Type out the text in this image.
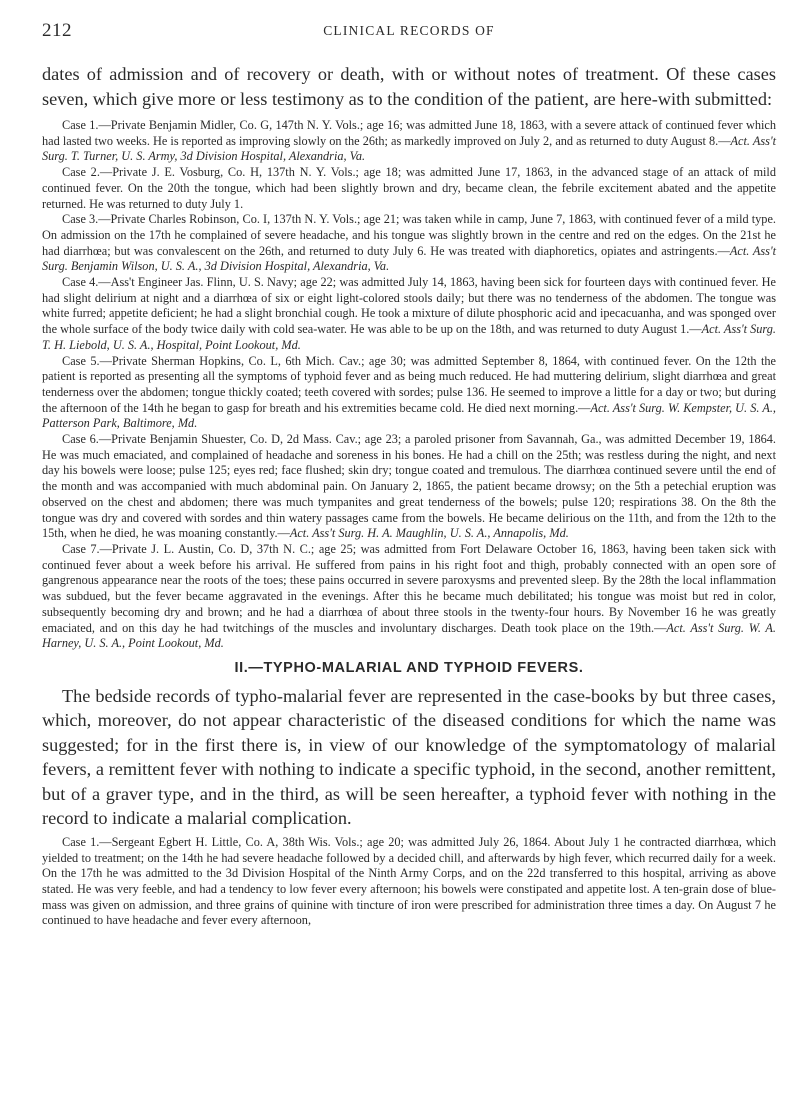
212	CLINICAL RECORDS OF

dates of admission and of recovery or death, with or without notes of treatment. Of these cases seven, which give more or less testimony as to the condition of the patient, are here-with submitted:

Case 1.—Private Benjamin Midler, Co. G, 147th N. Y. Vols.; age 16; was admitted June 18, 1863, with a severe attack of continued fever which had lasted two weeks. He is reported as improving slowly on the 26th; as markedly improved on July 2, and as returned to duty August 8.—Act. Ass't Surg. T. Turner, U. S. Army, 3d Division Hospital, Alexandria, Va.

Case 2.—Private J. E. Vosburg, Co. H, 137th N. Y. Vols.; age 18; was admitted June 17, 1863, in the advanced stage of an attack of mild continued fever. On the 20th the tongue, which had been slightly brown and dry, became clean, the febrile excitement abated and the appetite returned. He was returned to duty July 1.

Case 3.—Private Charles Robinson, Co. I, 137th N. Y. Vols.; age 21; was taken while in camp, June 7, 1863, with continued fever of a mild type. On admission on the 17th he complained of severe headache, and his tongue was slightly brown in the centre and red on the edges. On the 21st he had diarrhœa; but was convalescent on the 26th, and returned to duty July 6. He was treated with diaphoretics, opiates and astringents.—Act. Ass't Surg. Benjamin Wilson, U. S. A., 3d Division Hospital, Alexandria, Va.

Case 4.—Ass't Engineer Jas. Flinn, U. S. Navy; age 22; was admitted July 14, 1863, having been sick for fourteen days with continued fever. He had slight delirium at night and a diarrhœa of six or eight light-colored stools daily; but there was no tenderness of the abdomen. The tongue was white furred; appetite deficient; he had a slight bronchial cough. He took a mixture of dilute phosphoric acid and ipecacuanha, and was sponged over the whole surface of the body twice daily with cold sea-water. He was able to be up on the 18th, and was returned to duty August 1.—Act. Ass't Surg. T. H. Liebold, U. S. A., Hospital, Point Lookout, Md.

Case 5.—Private Sherman Hopkins, Co. L, 6th Mich. Cav.; age 30; was admitted September 8, 1864, with continued fever. On the 12th the patient is reported as presenting all the symptoms of typhoid fever and as being much reduced. He had muttering delirium, slight diarrhœa and great tenderness over the abdomen; tongue thickly coated; teeth covered with sordes; pulse 136. He seemed to improve a little for a day or two; but during the afternoon of the 14th he began to gasp for breath and his extremities became cold. He died next morning.—Act. Ass't Surg. W. Kempster, U. S. A., Patterson Park, Baltimore, Md.

Case 6.—Private Benjamin Shuester, Co. D, 2d Mass. Cav.; age 23; a paroled prisoner from Savannah, Ga., was admitted December 19, 1864. He was much emaciated, and complained of headache and soreness in his bones. He had a chill on the 25th; was restless during the night, and next day his bowels were loose; pulse 125; eyes red; face flushed; skin dry; tongue coated and tremulous. The diarrhœa continued severe until the end of the month and was accompanied with much abdominal pain. On January 2, 1865, the patient became drowsy; on the 5th a petechial eruption was observed on the chest and abdomen; there was much tympanites and great tenderness of the bowels; pulse 120; respirations 38. On the 8th the tongue was dry and covered with sordes and thin watery passages came from the bowels. He became delirious on the 11th, and from the 12th to the 15th, when he died, he was moaning constantly.—Act. Ass't Surg. H. A. Maughlin, U. S. A., Annapolis, Md.

Case 7.—Private J. L. Austin, Co. D, 37th N. C.; age 25; was admitted from Fort Delaware October 16, 1863, having been taken sick with continued fever about a week before his arrival. He suffered from pains in his right foot and thigh, probably connected with an open sore of gangrenous appearance near the roots of the toes; these pains occurred in severe paroxysms and prevented sleep. By the 28th the local inflammation was subdued, but the fever became aggravated in the evenings. After this he became much debilitated; his tongue was moist but red in color, subsequently becoming dry and brown; and he had a diarrhœa of about three stools in the twenty-four hours. By November 16 he was greatly emaciated, and on this day he had twitchings of the muscles and involuntary discharges. Death took place on the 19th.—Act. Ass't Surg. W. A. Harney, U. S. A., Point Lookout, Md.

II.—TYPHO-MALARIAL AND TYPHOID FEVERS.

The bedside records of typho-malarial fever are represented in the case-books by but three cases, which, moreover, do not appear characteristic of the diseased conditions for which the name was suggested; for in the first there is, in view of our knowledge of the symptomatology of malarial fevers, a remittent fever with nothing to indicate a specific typhoid, in the second, another remittent, but of a graver type, and in the third, as will be seen hereafter, a typhoid fever with nothing in the record to indicate a malarial complication.

Case 1.—Sergeant Egbert H. Little, Co. A, 38th Wis. Vols.; age 20; was admitted July 26, 1864. About July 1 he contracted diarrhœa, which yielded to treatment; on the 14th he had severe headache followed by a decided chill, and afterwards by high fever, which recurred daily for a week. On the 17th he was admitted to the 3d Division Hospital of the Ninth Army Corps, and on the 22d transferred to this hospital, arriving as above stated. He was very feeble, and had a tendency to low fever every afternoon; his bowels were constipated and appetite lost. A ten-grain dose of blue-mass was given on admission, and three grains of quinine with tincture of iron were prescribed for administration three times a day. On August 7 he continued to have headache and fever every afternoon,
